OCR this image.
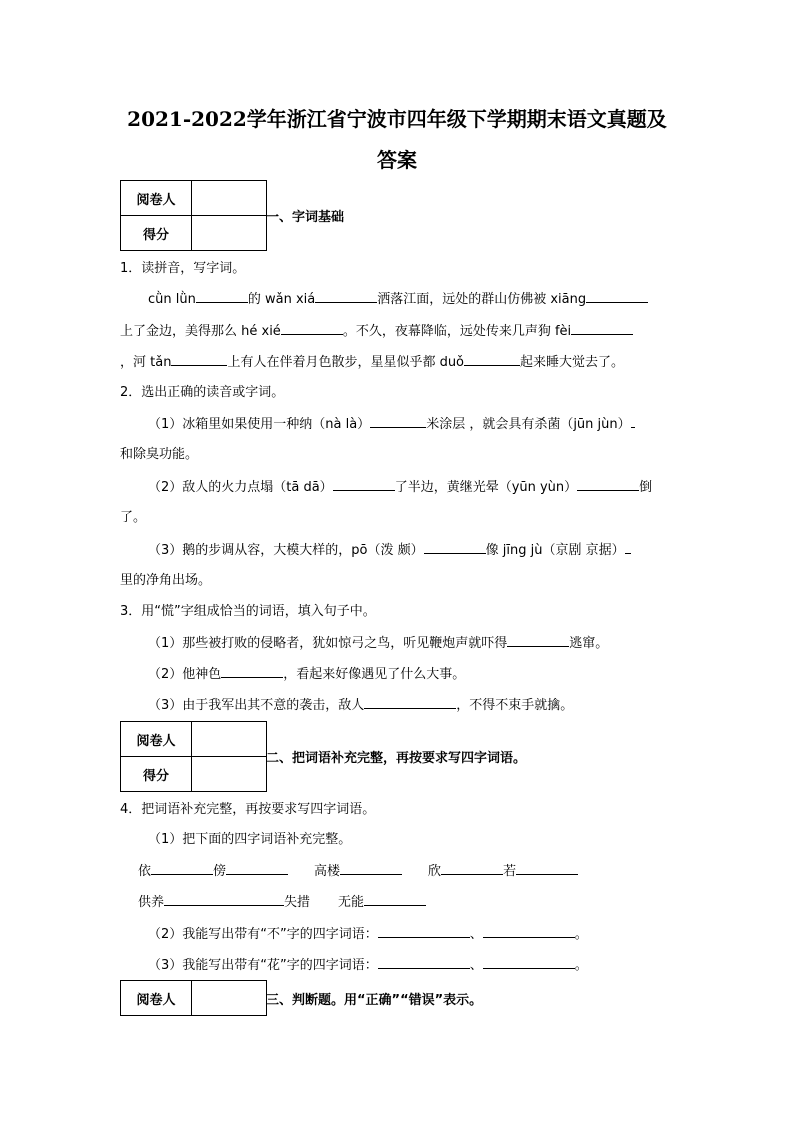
2021-2022学年浙江省宁波市四年级下学期期末语文真题及
答案
阅卷人	
得分	
一、字词基础
1．读拼音，写字词。
cǜn lǜn	的 wǎn xiá	洒落江面，远处的群山仿佛被 xiāng
上了金边，美得那么 hé xié	。不久，夜幕降临，远处传来几声狗 fèi
，河 tǎn	上有人在伴着月色散步，星星似乎都 duǒ	起来睡大觉去了。
2．选出正确的读音或字词。
（1）冰箱里如果使用一种纳（nà là）	米涂层 ，就会具有杀菌（jūn jùn）
和除臭功能。
（2）敌人的火力点塌（tā dā）	了半边，黄继光晕（yūn yùn）	倒
了。
（3）鹅的步调从容，大模大样的，pō（泼 颇）	像 jīng jù（京剧 京据）
里的净角出场。
3．用“慌”字组成恰当的词语，填入句子中。
（1）那些被打败的侵略者，犹如惊弓之鸟，听见鞭炮声就吓得	逃窜。
（2）他神色	，看起来好像遇见了什么大事。
（3）由于我军出其不意的袭击，敌人	，不得不束手就擒。
阅卷人	
得分	
二、把词语补充完整，再按要求写四字词语。
4．把词语补充完整，再按要求写四字词语。
（1）把下面的四字词语补充完整。
依	傍	高楼	欣	若
供养	失措 无能
（2）我能写出带有“不”字的四字词语：	、	。
（3）我能写出带有“花”字的四字词语：	、	。
阅卷人		三、判断题。用“正确”“错误”表示。
